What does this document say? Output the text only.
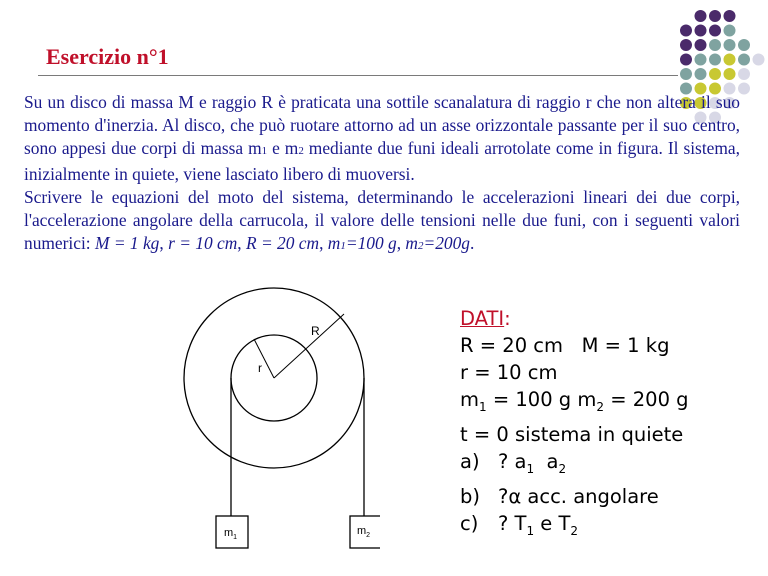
Esercizio n°1

Su un disco di massa M e raggio R è praticata una sottile scanalatura di raggio r che non altera il suo momento d'inerzia. Al disco, che può ruotare attorno ad un asse orizzontale passante per il suo centro, sono appesi due corpi di massa m1 e m2 mediante due funi ideali arrotolate come in figura. Il sistema, inizialmente in quiete, viene lasciato libero di muoversi.

Scrivere le equazioni del moto del sistema, determinando le accelerazioni lineari dei due corpi, l'accelerazione angolare della carrucola, il valore delle tensioni nelle due funi, con i seguenti valori numerici: M = 1 kg, r = 10 cm, R = 20 cm, m1=100 g, m2=200g.

R
r
$m_1$
$m_2$
DATI:
R = 20 cm   M = 1 kg
r = 10 cm
$m_1 = 100$ g $m_2 = 200$ g
t = 0 sistema in quiete
a) ? $a_1$  $a_2$
b) ?α acc. angolare
c) ? $T_1$ e $T_2$
